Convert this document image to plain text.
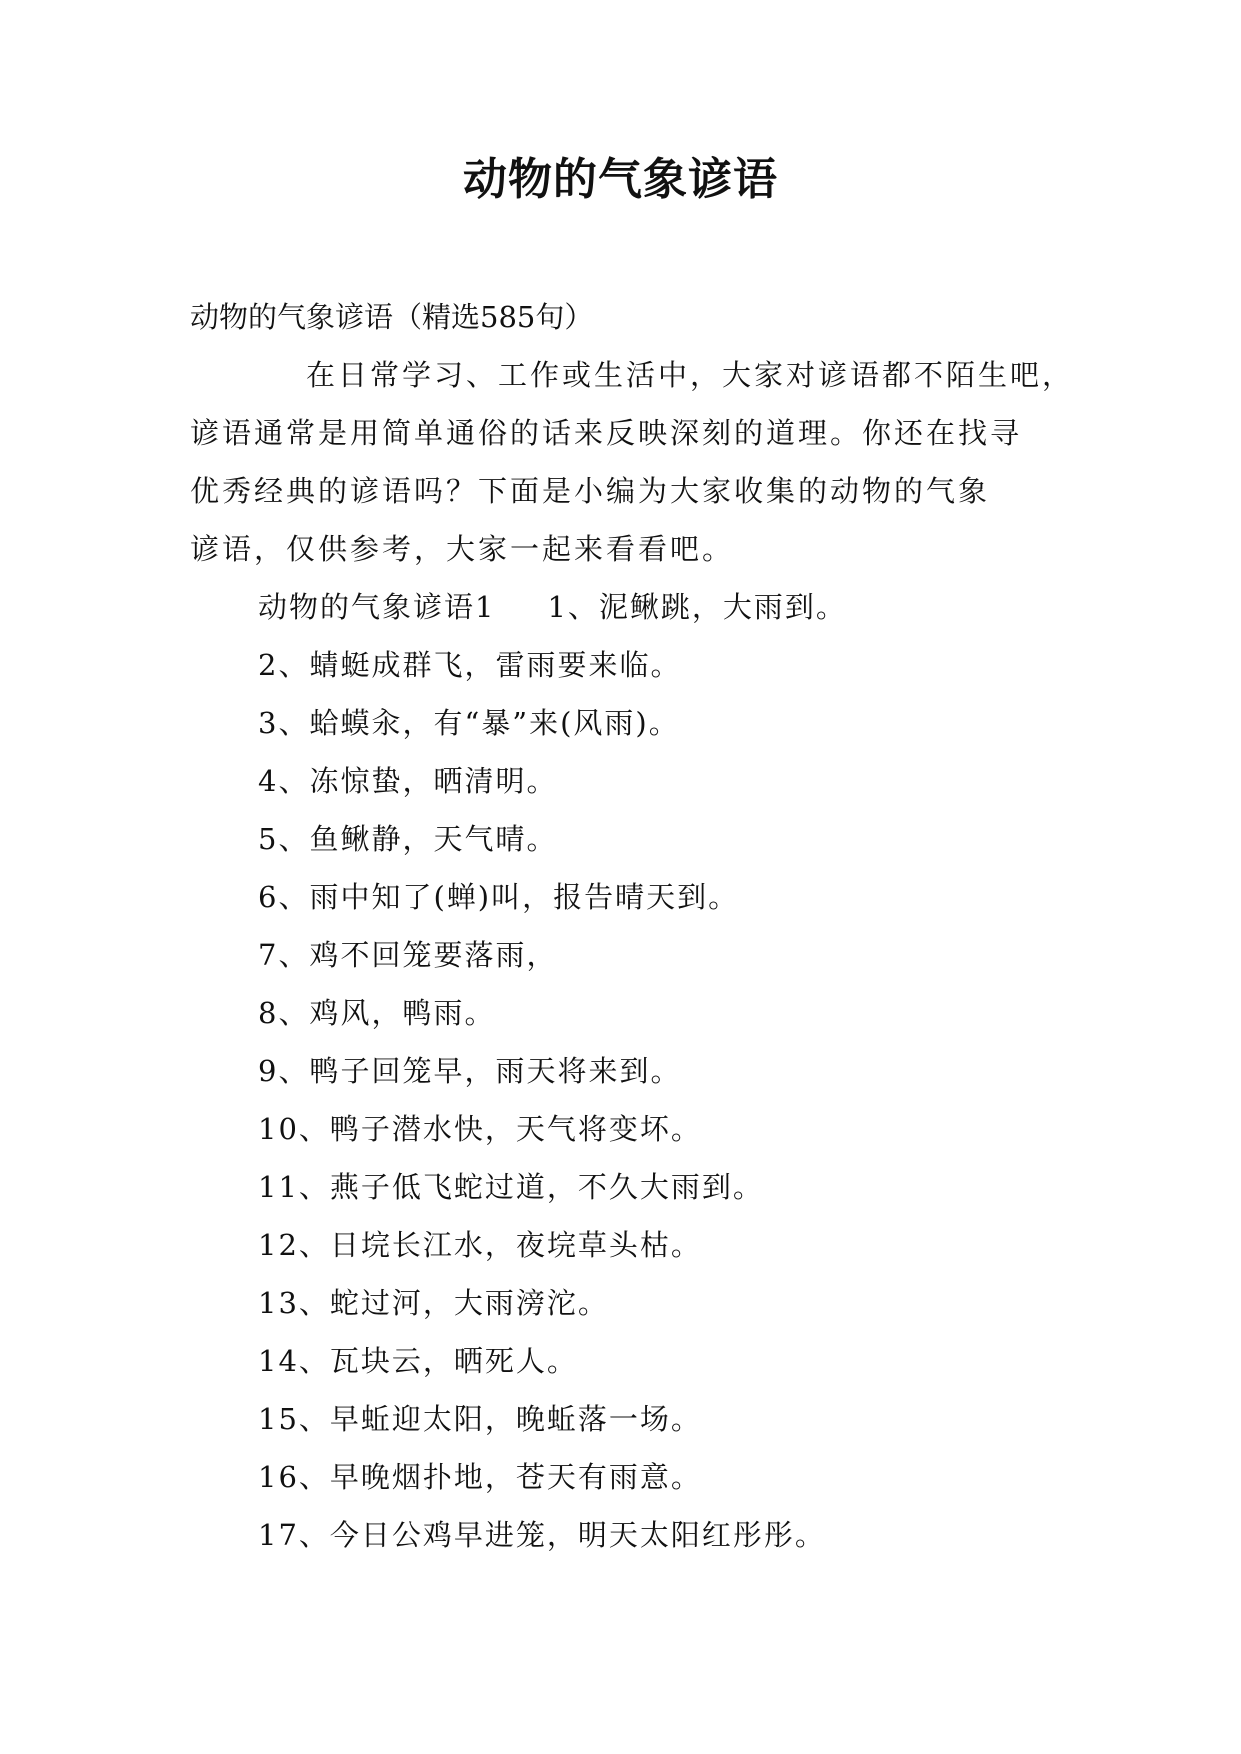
动物的气象谚语

动物的气象谚语（精选585句）

在日常学习、工作或生活中，大家对谚语都不陌生吧，
谚语通常是用简单通俗的话来反映深刻的道理。你还在找寻
优秀经典的谚语吗？下面是小编为大家收集的动物的气象
谚语，仅供参考，大家一起来看看吧。

动物的气象谚语1 1、泥鳅跳，大雨到。

2、蜻蜓成群飞，雷雨要来临。

3、蛤蟆汆，有“暴”来(风雨)。

4、冻惊蛰，晒清明。

5、鱼鳅静，天气晴。

6、雨中知了(蝉)叫，报告晴天到。

7、鸡不回笼要落雨，

8、鸡风，鸭雨。

9、鸭子回笼早，雨天将来到。

10、鸭子潜水快，天气将变坏。

11、燕子低飞蛇过道，不久大雨到。

12、日垸长江水，夜垸草头枯。

13、蛇过河，大雨滂沱。

14、瓦块云，晒死人。

15、早蚯迎太阳，晚蚯落一场。

16、早晚烟扑地，苍天有雨意。

17、今日公鸡早进笼，明天太阳红彤彤。
